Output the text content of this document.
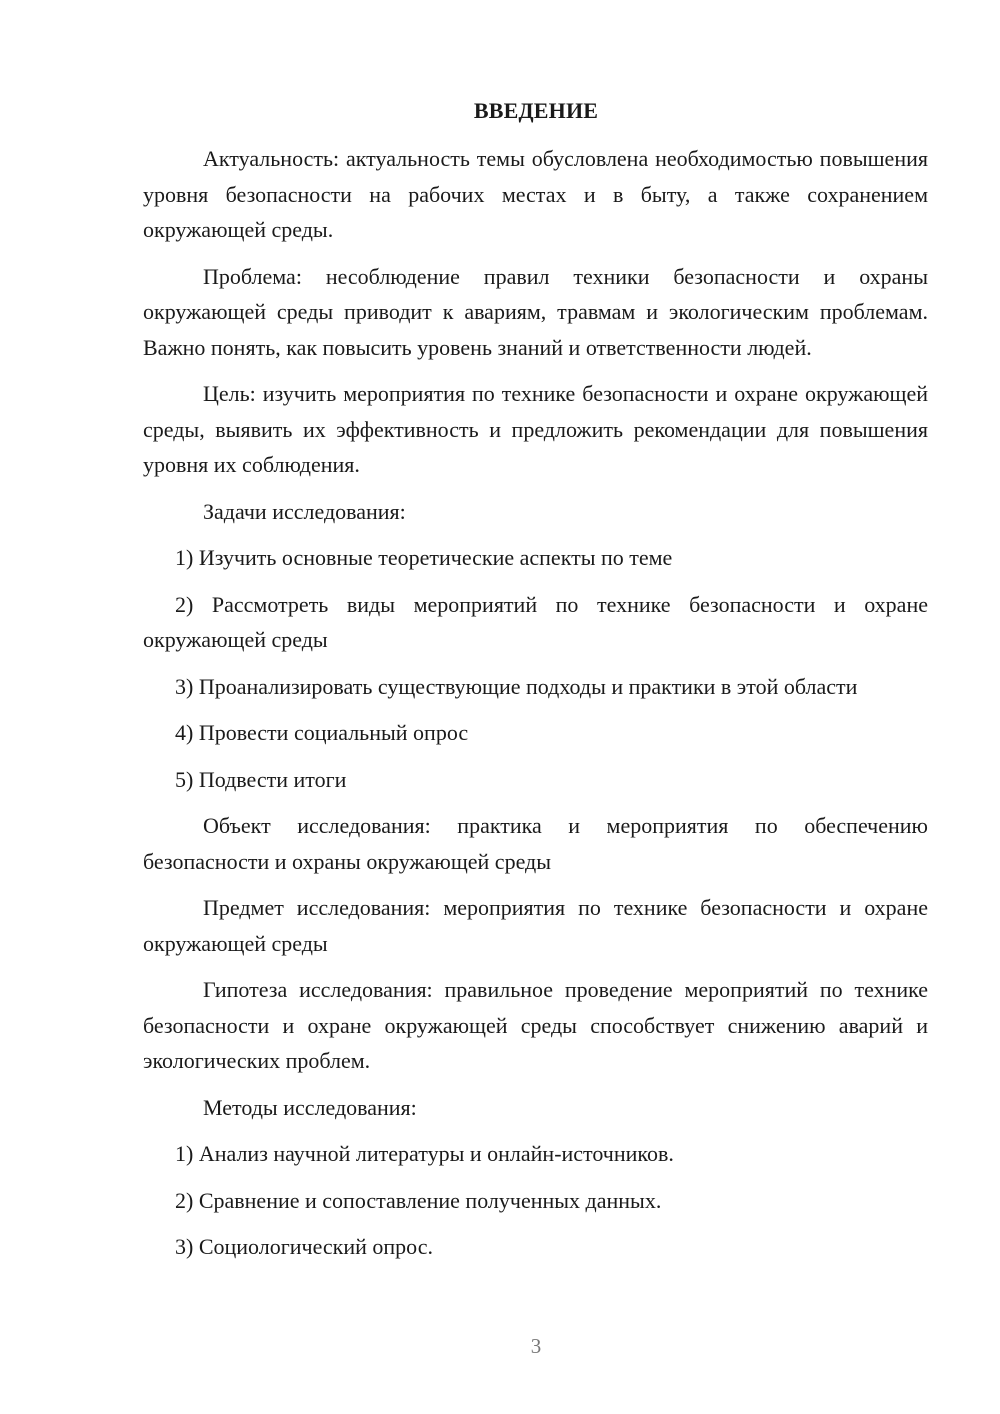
ВВЕДЕНИЕ

Актуальность: актуальность темы обусловлена необходимостью повышения уровня безопасности на рабочих местах и в быту, а также сохранением окружающей среды.

Проблема: несоблюдение правил техники безопасности и охраны окружающей среды приводит к авариям, травмам и экологическим проблемам. Важно понять, как повысить уровень знаний и ответственности людей.

Цель: изучить мероприятия по технике безопасности и охране окружающей среды, выявить их эффективность и предложить рекомендации для повышения уровня их соблюдения.

Задачи исследования:

1) Изучить основные теоретические аспекты по теме

2) Рассмотреть виды мероприятий по технике безопасности и охране окружающей среды

3) Проанализировать существующие подходы и практики в этой области

4) Провести социальный опрос

5) Подвести итоги

Объект исследования: практика и мероприятия по обеспечению безопасности и охраны окружающей среды

Предмет исследования: мероприятия по технике безопасности и охране окружающей среды

Гипотеза исследования: правильное проведение мероприятий по технике безопасности и охране окружающей среды способствует снижению аварий и экологических проблем.

Методы исследования:

1) Анализ научной литературы и онлайн-источников.

2) Сравнение и сопоставление полученных данных.

3) Социологический опрос.

3
